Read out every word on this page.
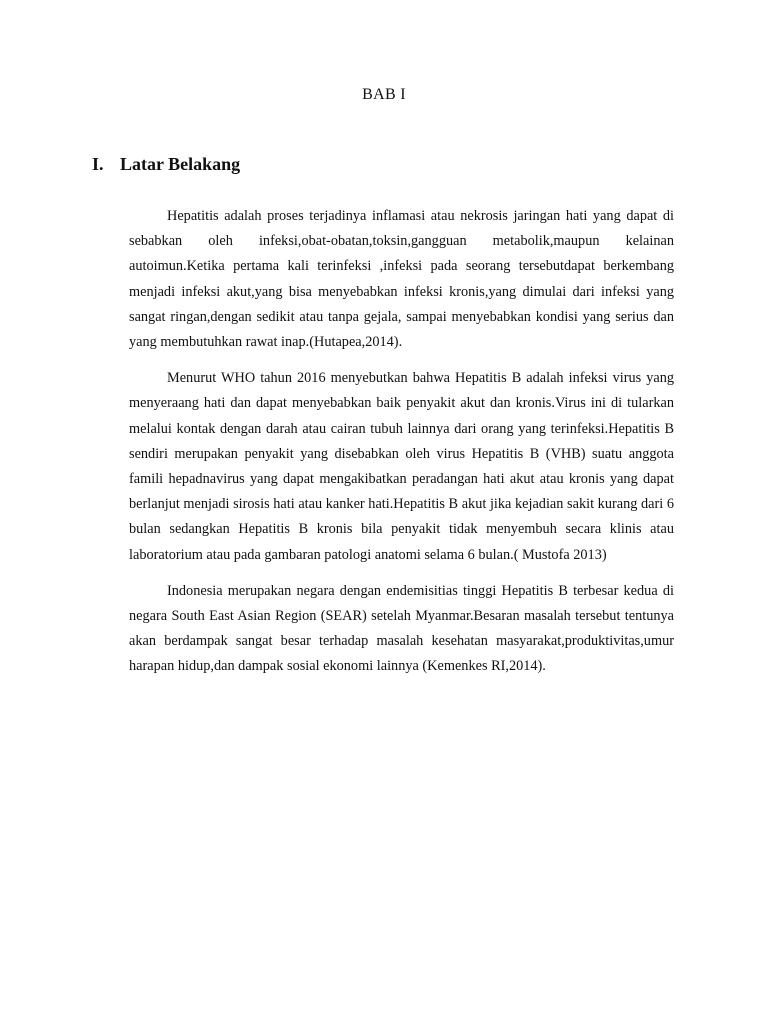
BAB I
I. Latar Belakang

Hepatitis adalah proses terjadinya inflamasi atau nekrosis jaringan hati yang dapat di sebabkan oleh infeksi,obat-obatan,toksin,gangguan metabolik,maupun kelainan autoimun.Ketika pertama kali terinfeksi ,infeksi pada seorang tersebutdapat berkembang menjadi infeksi akut,yang bisa menyebabkan infeksi kronis,yang dimulai dari infeksi yang sangat ringan,dengan sedikit atau tanpa gejala, sampai menyebabkan kondisi yang serius dan yang membutuhkan rawat inap.(Hutapea,2014).

Menurut WHO tahun 2016 menyebutkan bahwa Hepatitis B adalah infeksi virus yang menyeraang hati dan dapat menyebabkan baik penyakit akut dan kronis.Virus ini di tularkan melalui kontak dengan darah atau cairan tubuh lainnya dari orang yang terinfeksi.Hepatitis B sendiri merupakan penyakit yang disebabkan oleh virus Hepatitis B (VHB) suatu anggota famili hepadnavirus yang dapat mengakibatkan peradangan hati akut atau kronis yang dapat berlanjut menjadi sirosis hati atau kanker hati.Hepatitis B akut jika kejadian sakit kurang dari 6 bulan sedangkan Hepatitis B kronis bila penyakit tidak menyembuh secara klinis atau laboratorium atau pada gambaran patologi anatomi selama 6 bulan.( Mustofa 2013)

Indonesia merupakan negara dengan endemisitias tinggi Hepatitis B terbesar kedua di negara South East Asian Region (SEAR) setelah Myanmar.Besaran masalah tersebut tentunya akan berdampak sangat besar terhadap masalah kesehatan masyarakat,produktivitas,umur harapan hidup,dan dampak sosial ekonomi lainnya (Kemenkes RI,2014).
